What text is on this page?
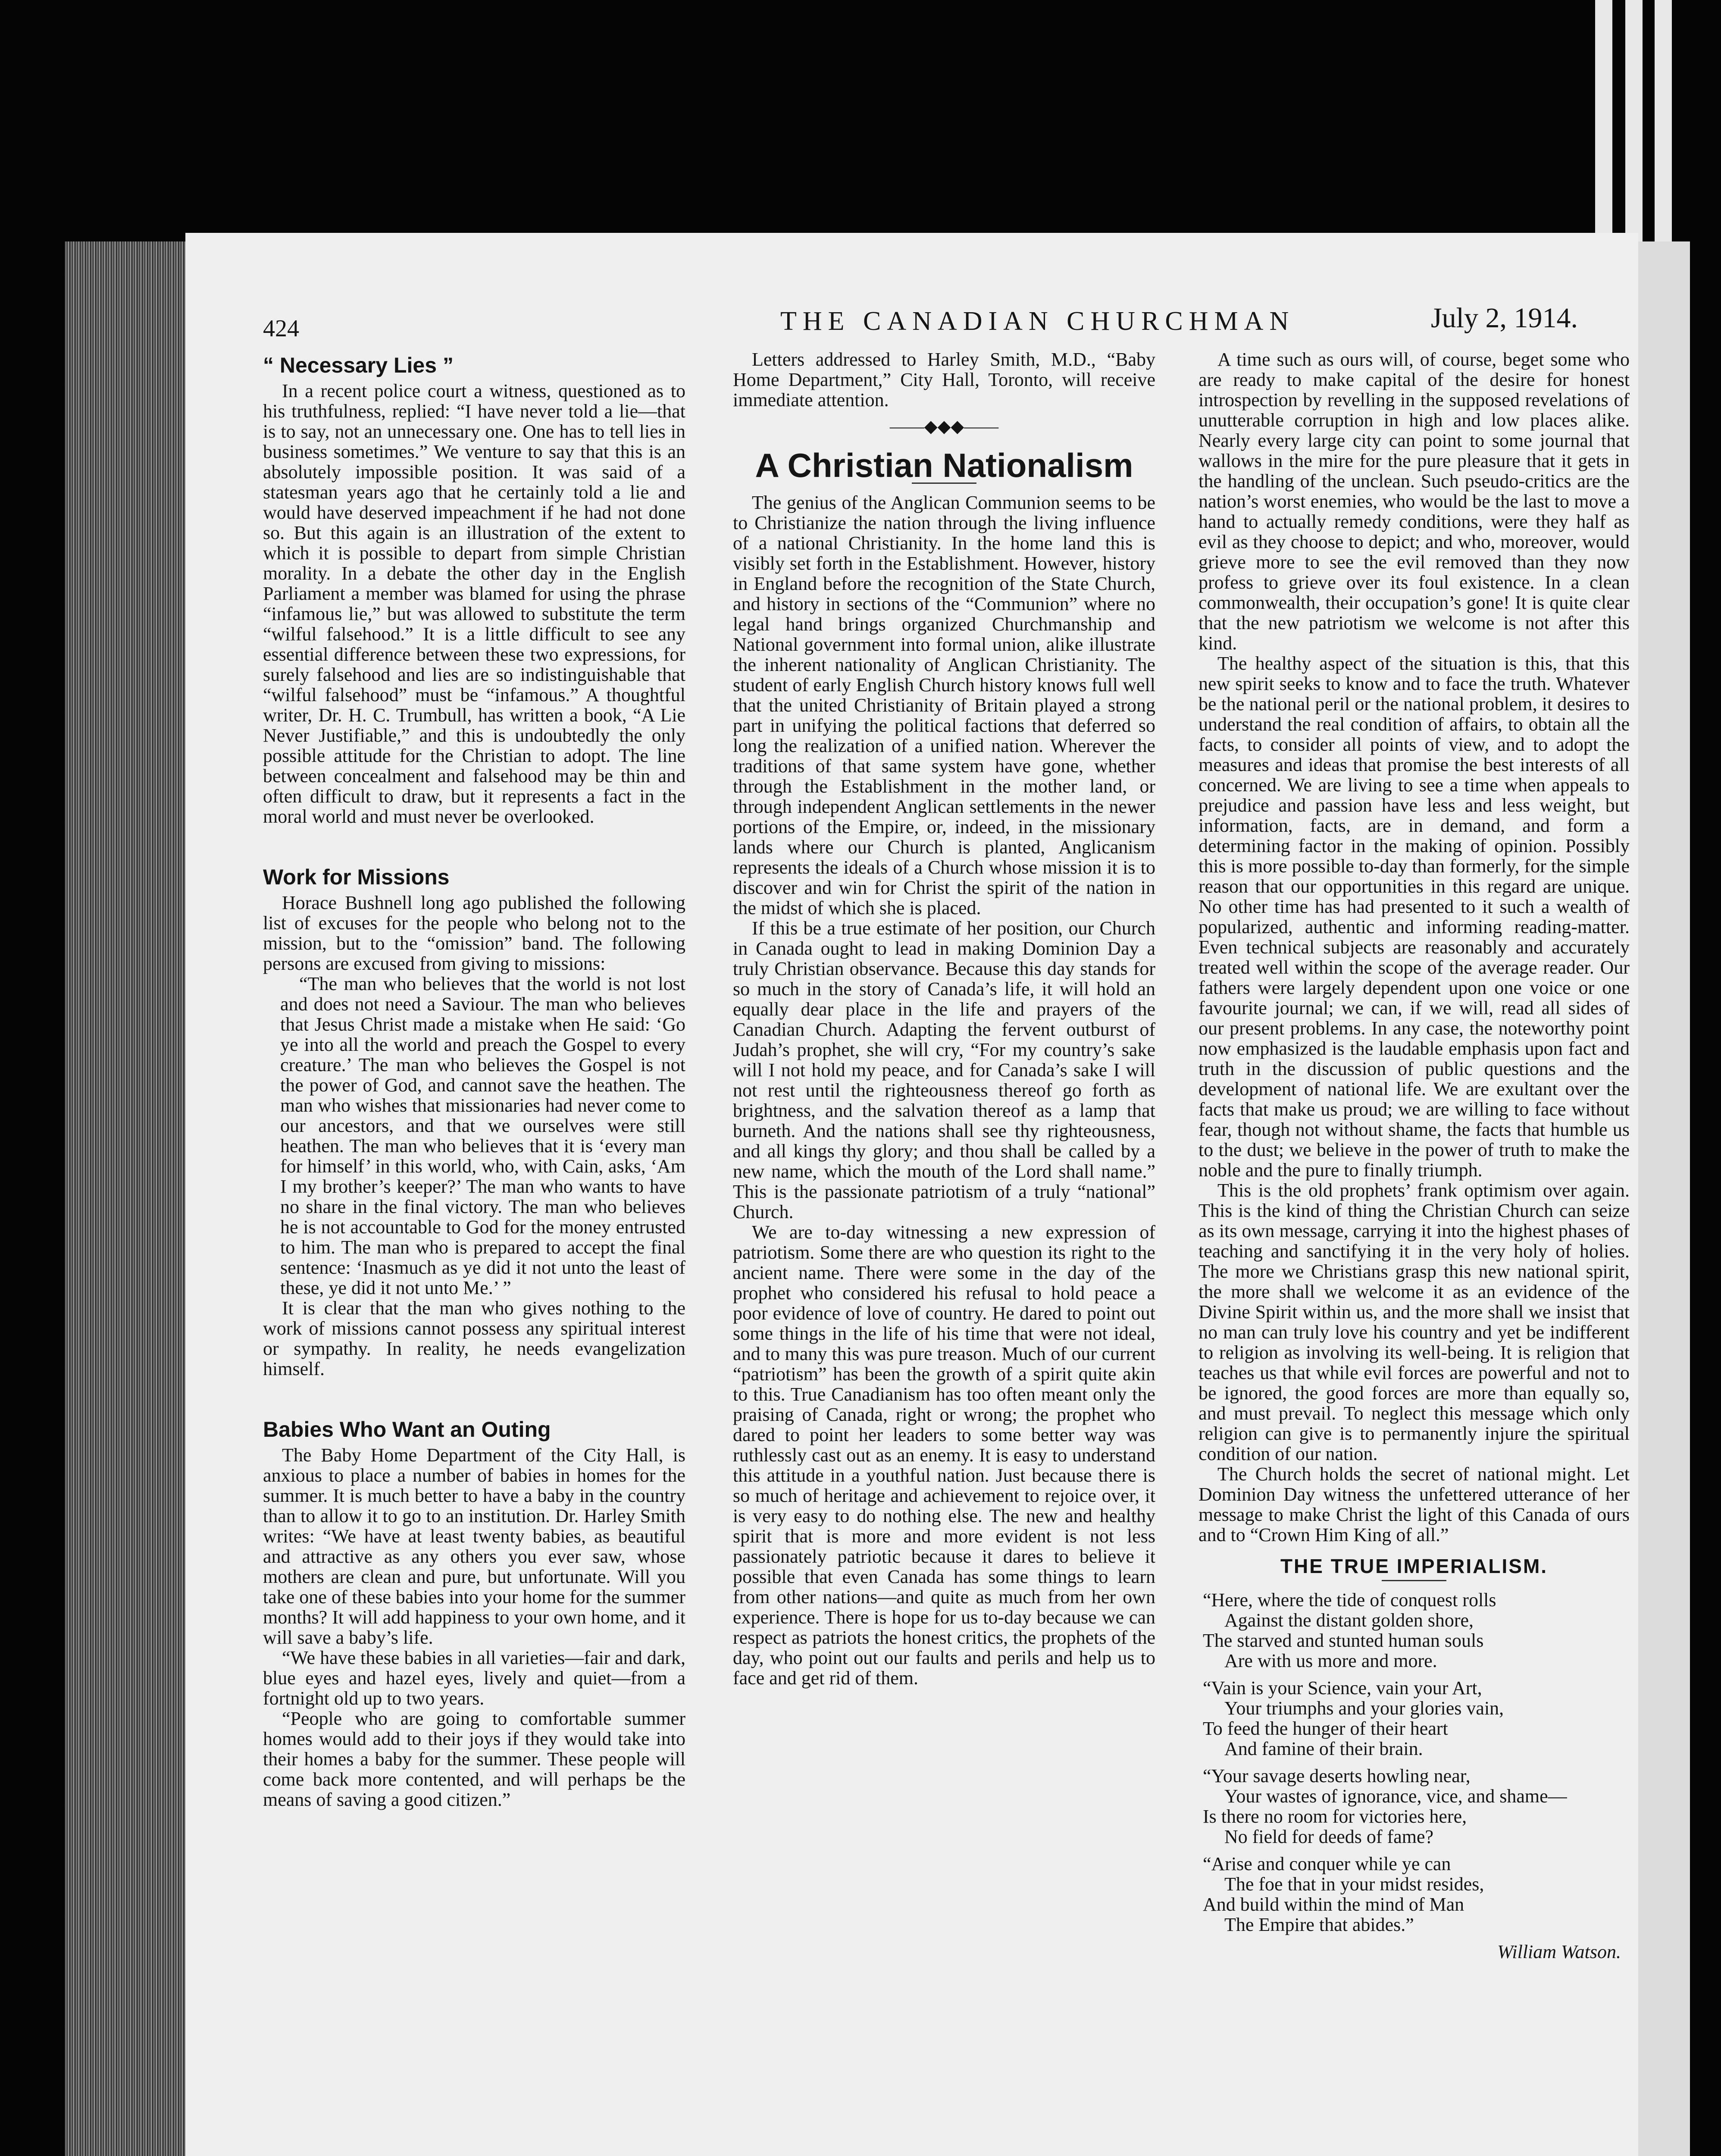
424	THE CANADIAN CHURCHMAN	July 2, 1914.
“ Necessary Lies ”

In a recent police court a witness, questioned as to his truthfulness, replied: “I have never told a lie—that is to say, not an unnecessary one. One has to tell lies in business sometimes.” We venture to say that this is an absolutely impossible position. It was said of a statesman years ago that he certainly told a lie and would have deserved impeachment if he had not done so. But this again is an illustration of the extent to which it is possible to depart from simple Christian morality. In a debate the other day in the English Parliament a member was blamed for using the phrase “infamous lie,” but was allowed to substitute the term “wilful falsehood.” It is a little difficult to see any essential difference between these two expressions, for surely falsehood and lies are so indistinguishable that “wilful falsehood” must be “infamous.” A thoughtful writer, Dr. H. C. Trumbull, has written a book, “A Lie Never Justifiable,” and this is undoubtedly the only possible attitude for the Christian to adopt. The line between concealment and falsehood may be thin and often difficult to draw, but it represents a fact in the moral world and must never be overlooked.

Work for Missions

Horace Bushnell long ago published the following list of excuses for the people who belong not to the mission, but to the “omission” band. The following persons are excused from giving to missions:

“The man who believes that the world is not lost and does not need a Saviour. The man who believes that Jesus Christ made a mistake when He said: ‘Go ye into all the world and preach the Gospel to every creature.’ The man who believes the Gospel is not the power of God, and cannot save the heathen. The man who wishes that missionaries had never come to our ancestors, and that we ourselves were still heathen. The man who believes that it is ‘every man for himself’ in this world, who, with Cain, asks, ‘Am I my brother’s keeper?’ The man who wants to have no share in the final victory. The man who believes he is not accountable to God for the money entrusted to him. The man who is prepared to accept the final sentence: ‘Inasmuch as ye did it not unto the least of these, ye did it not unto Me.’ ”

It is clear that the man who gives nothing to the work of missions cannot possess any spiritual interest or sympathy. In reality, he needs evangelization himself.

Babies Who Want an Outing

The Baby Home Department of the City Hall, is anxious to place a number of babies in homes for the summer. It is much better to have a baby in the country than to allow it to go to an institution. Dr. Harley Smith writes: “We have at least twenty babies, as beautiful and attractive as any others you ever saw, whose mothers are clean and pure, but unfortunate. Will you take one of these babies into your home for the summer months? It will add happiness to your own home, and it will save a baby’s life.

“We have these babies in all varieties—fair and dark, blue eyes and hazel eyes, lively and quiet—from a fortnight old up to two years.

“People who are going to comfortable summer homes would add to their joys if they would take into their homes a baby for the summer. These people will come back more contented, and will perhaps be the means of saving a good citizen.”

Letters addressed to Harley Smith, M.D., “Baby Home Department,” City Hall, Toronto, will receive immediate attention.

——◆◆◆——
A Christian Nationalism

The genius of the Anglican Communion seems to be to Christianize the nation through the living influence of a national Christianity. In the home land this is visibly set forth in the Establishment. However, history in England before the recognition of the State Church, and history in sections of the “Communion” where no legal hand brings organized Churchmanship and National government into formal union, alike illustrate the inherent nationality of Anglican Christianity. The student of early English Church history knows full well that the united Christianity of Britain played a strong part in unifying the political factions that deferred so long the realization of a unified nation. Wherever the traditions of that same system have gone, whether through the Establishment in the mother land, or through independent Anglican settlements in the newer portions of the Empire, or, indeed, in the missionary lands where our Church is planted, Anglicanism represents the ideals of a Church whose mission it is to discover and win for Christ the spirit of the nation in the midst of which she is placed.

If this be a true estimate of her position, our Church in Canada ought to lead in making Dominion Day a truly Christian observance. Because this day stands for so much in the story of Canada’s life, it will hold an equally dear place in the life and prayers of the Canadian Church. Adapting the fervent outburst of Judah’s prophet, she will cry, “For my country’s sake will I not hold my peace, and for Canada’s sake I will not rest until the righteousness thereof go forth as brightness, and the salvation thereof as a lamp that burneth. And the nations shall see thy righteousness, and all kings thy glory; and thou shall be called by a new name, which the mouth of the Lord shall name.” This is the passionate patriotism of a truly “national” Church.

We are to-day witnessing a new expression of patriotism. Some there are who question its right to the ancient name. There were some in the day of the prophet who considered his refusal to hold peace a poor evidence of love of country. He dared to point out some things in the life of his time that were not ideal, and to many this was pure treason. Much of our current “patriotism” has been the growth of a spirit quite akin to this. True Canadianism has too often meant only the praising of Canada, right or wrong; the prophet who dared to point her leaders to some better way was ruthlessly cast out as an enemy. It is easy to understand this attitude in a youthful nation. Just because there is so much of heritage and achievement to rejoice over, it is very easy to do nothing else. The new and healthy spirit that is more and more evident is not less passionately patriotic because it dares to believe it possible that even Canada has some things to learn from other nations—and quite as much from her own experience. There is hope for us to-day because we can respect as patriots the honest critics, the prophets of the day, who point out our faults and perils and help us to face and get rid of them.

A time such as ours will, of course, beget some who are ready to make capital of the desire for honest introspection by revelling in the supposed revelations of unutterable corruption in high and low places alike. Nearly every large city can point to some journal that wallows in the mire for the pure pleasure that it gets in the handling of the unclean. Such pseudo-critics are the nation’s worst enemies, who would be the last to move a hand to actually remedy conditions, were they half as evil as they choose to depict; and who, moreover, would grieve more to see the evil removed than they now profess to grieve over its foul existence. In a clean commonwealth, their occupation’s gone! It is quite clear that the new patriotism we welcome is not after this kind.

The healthy aspect of the situation is this, that this new spirit seeks to know and to face the truth. Whatever be the national peril or the national problem, it desires to understand the real condition of affairs, to obtain all the facts, to consider all points of view, and to adopt the measures and ideas that promise the best interests of all concerned. We are living to see a time when appeals to prejudice and passion have less and less weight, but information, facts, are in demand, and form a determining factor in the making of opinion. Possibly this is more possible to-day than formerly, for the simple reason that our opportunities in this regard are unique. No other time has had presented to it such a wealth of popularized, authentic and informing reading-matter. Even technical subjects are reasonably and accurately treated well within the scope of the average reader. Our fathers were largely dependent upon one voice or one favourite journal; we can, if we will, read all sides of our present problems. In any case, the noteworthy point now emphasized is the laudable emphasis upon fact and truth in the discussion of public questions and the development of national life. We are exultant over the facts that make us proud; we are willing to face without fear, though not without shame, the facts that humble us to the dust; we believe in the power of truth to make the noble and the pure to finally triumph.

This is the old prophets’ frank optimism over again. This is the kind of thing the Christian Church can seize as its own message, carrying it into the highest phases of teaching and sanctifying it in the very holy of holies. The more we Christians grasp this new national spirit, the more shall we welcome it as an evidence of the Divine Spirit within us, and the more shall we insist that no man can truly love his country and yet be indifferent to religion as involving its well-being. It is religion that teaches us that while evil forces are powerful and not to be ignored, the good forces are more than equally so, and must prevail. To neglect this message which only religion can give is to permanently injure the spiritual condition of our nation.

The Church holds the secret of national might. Let Dominion Day witness the unfettered utterance of her message to make Christ the light of this Canada of ours and to “Crown Him King of all.”

THE TRUE IMPERIALISM.
“Here, where the tide of conquest rolls
Against the distant golden shore,
The starved and stunted human souls
Are with us more and more.
“Vain is your Science, vain your Art,
Your triumphs and your glories vain,
To feed the hunger of their heart
And famine of their brain.
“Your savage deserts howling near,
Your wastes of ignorance, vice, and shame—
Is there no room for victories here,
No field for deeds of fame?
“Arise and conquer while ye can
The foe that in your midst resides,
And build within the mind of Man
The Empire that abides.”
William Watson.
